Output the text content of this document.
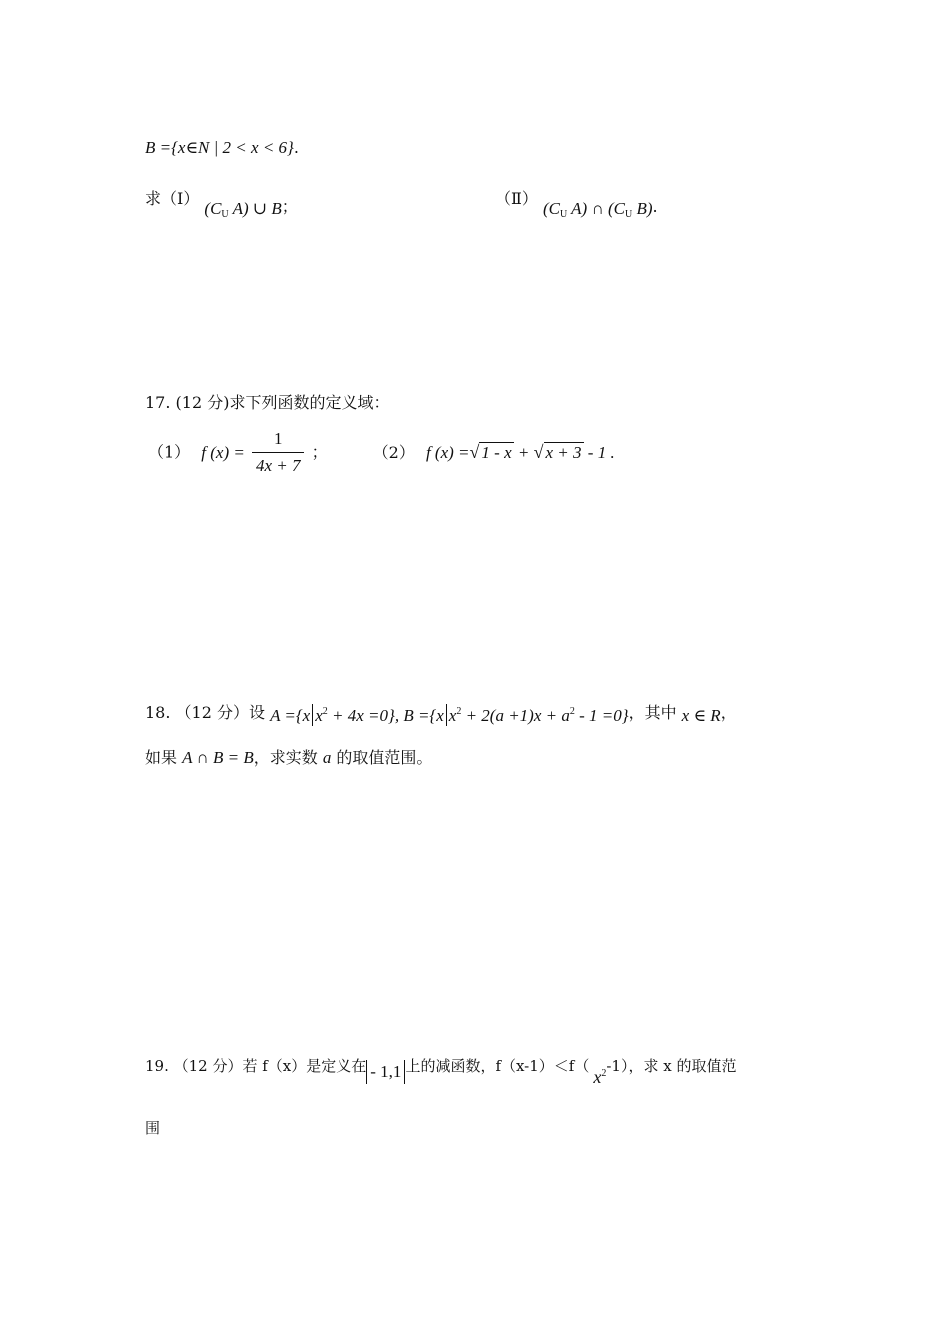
B ={x∈N | 2 < x < 6}.
求（Ⅰ） ($C_U$ A) ∪ B；	（Ⅱ） ($C_U$ A) ∩ ($C_U$ B).
17. (12 分)求下列函数的定义域：
（1） f $(x) = \frac{1}{4x + 7}$ ；	（2） f (x) =√ 1 - x + √ x + 3 - 1 .
18. （12 分）设 A ={x $x^2 + 4x =0$}, B ={x $x^2 + 2(a +1)x + a^2 - 1 =0$}，其中 x ∈ R，
如果 A ∩ B = B，求实数 a 的取值范围。
19. （12 分）若 f（x）是定义在 - 1,1 上的减函数，$f(x-1)<f(x^2-1)$，求 x 的取值范
围
